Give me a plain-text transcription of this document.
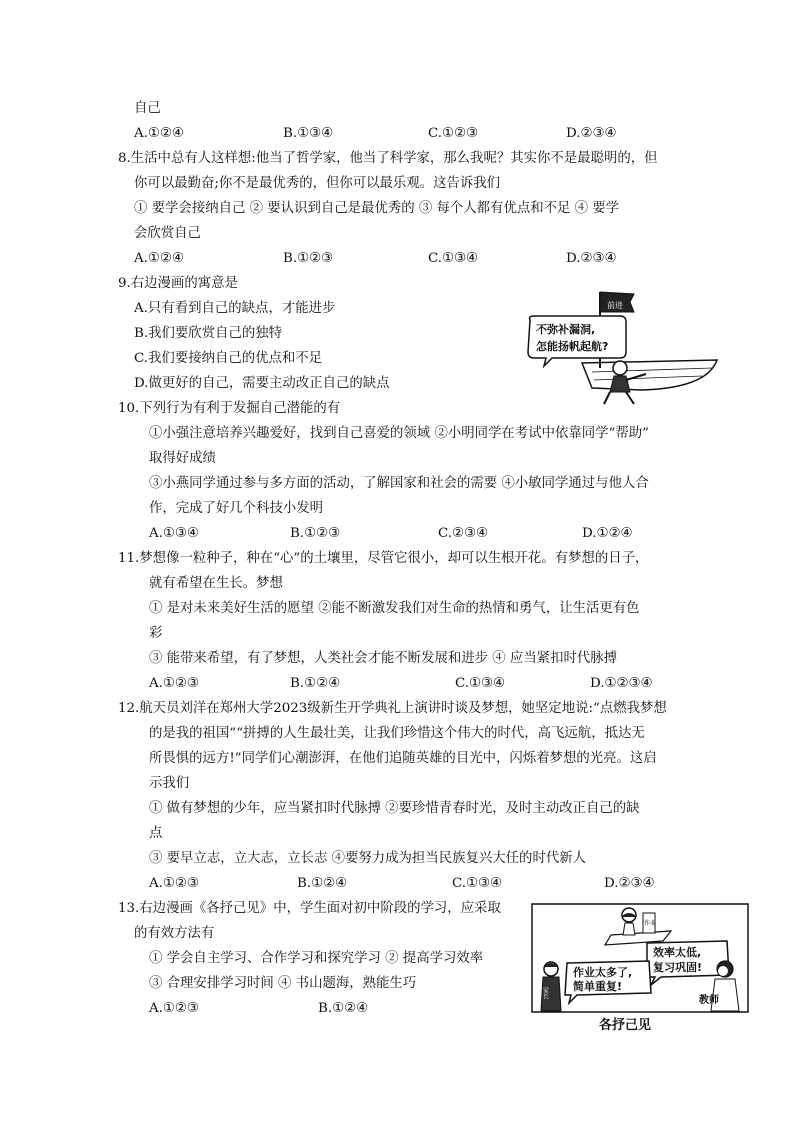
自己
A.①②④	B.①③④	C.①②③	D.②③④
8.生活中总有人这样想:他当了哲学家，他当了科学家，那么我呢？其实你不是最聪明的，但
你可以最勤奋;你不是最优秀的，但你可以最乐观。这告诉我们
① 要学会接纳自己 ② 要认识到自己是最优秀的 ③ 每个人都有优点和不足 ④ 要学
会欣赏自己
A.①②④	B.①②③	C.①③④	D.②③④
9.右边漫画的寓意是
A.只有看到自己的缺点，才能进步
B.我们要欣赏自己的独特
C.我们要接纳自己的优点和不足
D.做更好的自己，需要主动改正自己的缺点
前进
不弥补漏洞,
怎能扬帆起航?
10.下列行为有利于发掘自己潜能的有
①小强注意培养兴趣爱好，找到自己喜爱的领域 ②小明同学在考试中依靠同学“帮助”
取得好成绩
③小燕同学通过参与多方面的活动，了解国家和社会的需要 ④小敏同学通过与他人合
作，完成了好几个科技小发明
A.①③④	B.①②③	C.②③④	D.①②④
11.梦想像一粒种子，种在“心”的土壤里，尽管它很小，却可以生根开花。有梦想的日子，
就有希望在生长。梦想
① 是对未来美好生活的愿望 ②能不断激发我们对生命的热情和勇气，让生活更有色
彩
③ 能带来希望，有了梦想，人类社会才能不断发展和进步 ④ 应当紧扣时代脉搏
A.①②③	B.①②④	C.①③④	D.①②③④
12.航天员刘洋在郑州大学2023级新生开学典礼上演讲时谈及梦想，她坚定地说:“点燃我梦想
的是我的祖国”“拼搏的人生最壮美，让我们珍惜这个伟大的时代，高飞远航，抵达无
所畏惧的远方!”同学们心潮澎湃，在他们追随英雄的目光中，闪烁着梦想的光亮。这启
示我们
① 做有梦想的少年，应当紧扣时代脉搏 ②要珍惜青春时光，及时主动改正自己的缺
点
③ 要早立志，立大志，立长志 ④要努力成为担当民族复兴大任的时代新人
A.①②③	B.①②④	C.①③④	D.②③④
13.右边漫画《各抒己见》中，学生面对初中阶段的学习，应采取
的有效方法有
① 学会自主学习、合作学习和探究学习 ② 提高学习效率
③ 合理安排学习时间 ④ 书山题海，熟能生巧
A.①②③	B.①②④
作业
效率太低,
复习巩固!
作业太多了,
简单重复!
家长
教师
各抒己见
